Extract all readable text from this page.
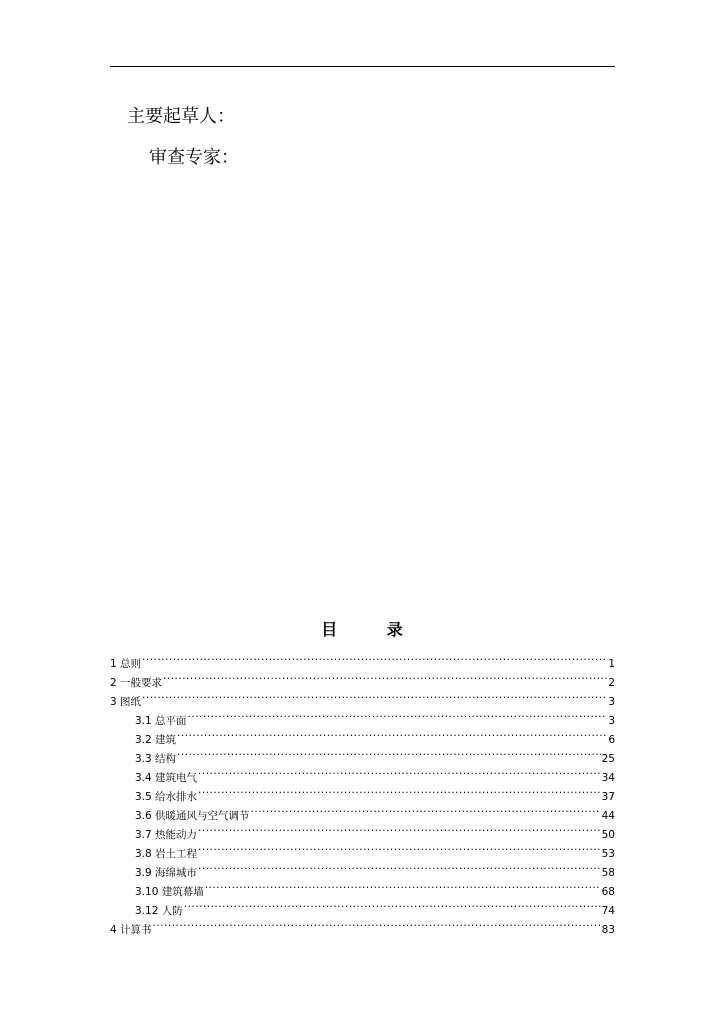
主要起草人：
审查专家：
目 录
1 总则 .....	1
2 一般要求 .....	2
3 图纸 .....	3
3.1 总平面 .....	3
3.2 建筑 .....	6
3.3 结构 .....	25
3.4 建筑电气 .....	34
3.5 给水排水 .....	37
3.6 供暖通风与空气调节 .....	44
3.7 热能动力 .....	50
3.8 岩土工程 .....	53
3.9 海绵城市 .....	58
3.10 建筑幕墙 .....	68
3.12 人防 .....	74
4 计算书 .....	83
